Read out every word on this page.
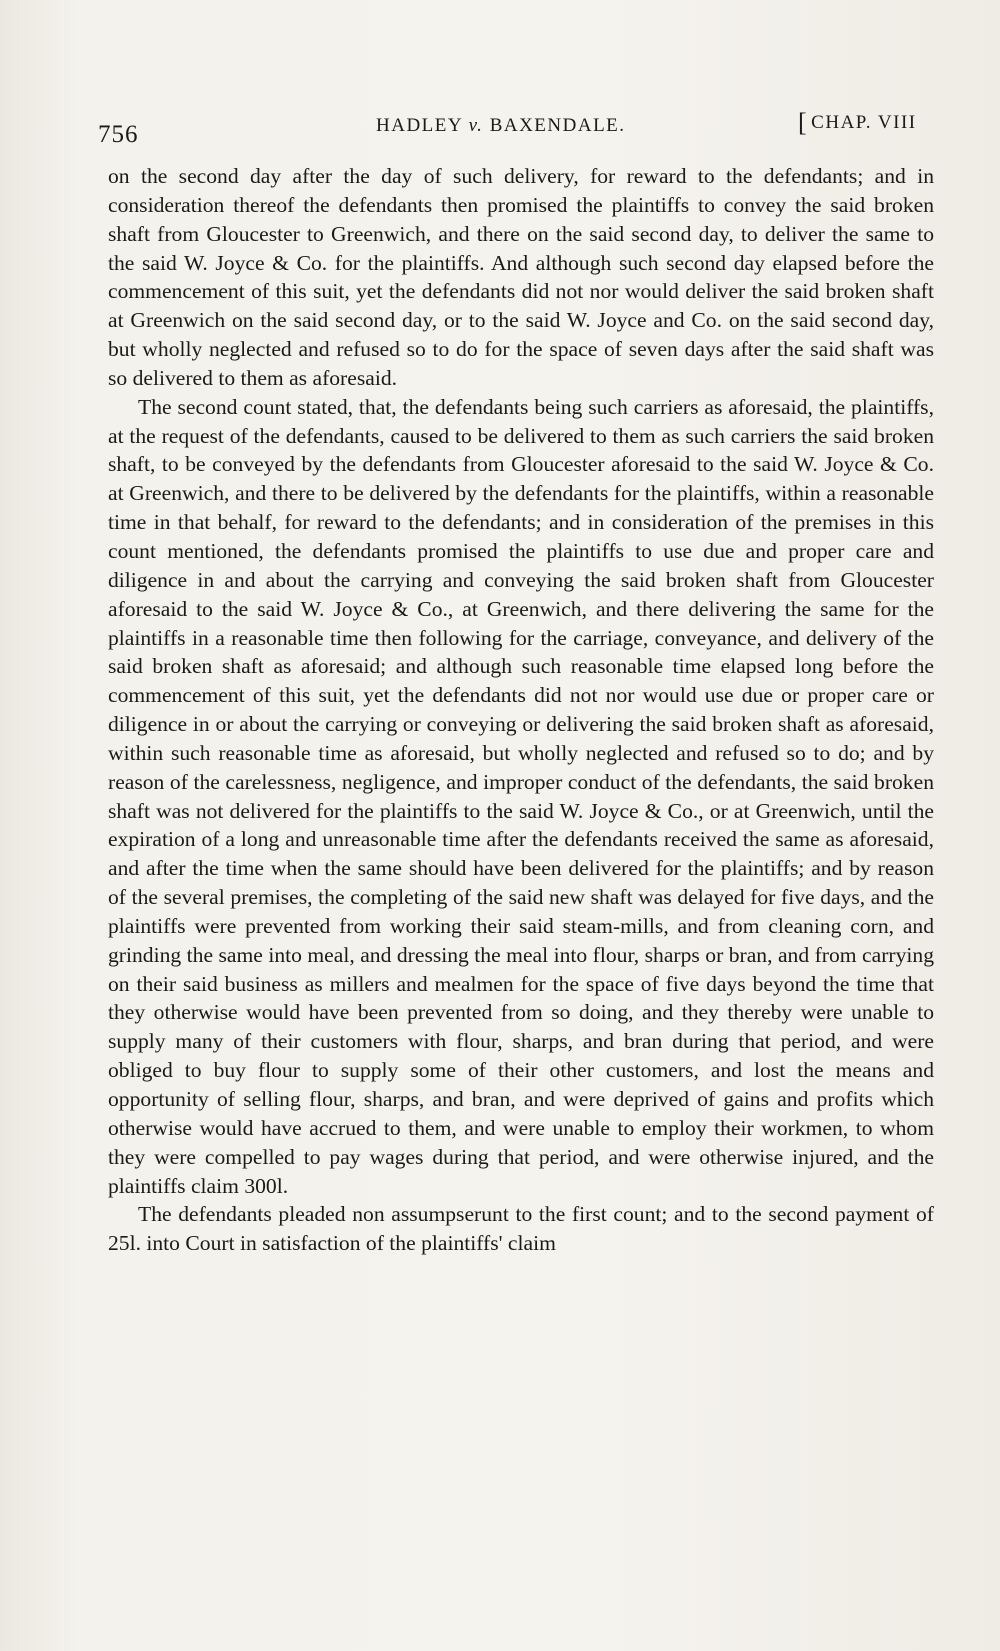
756	HADLEY v. BAXENDALE.	[ CHAP. VIII

on the second day after the day of such delivery, for reward to the defendants; and in consideration thereof the defendants then promised the plaintiffs to convey the said broken shaft from Gloucester to Greenwich, and there on the said second day, to deliver the same to the said W. Joyce & Co. for the plaintiffs. And although such second day elapsed before the commencement of this suit, yet the defendants did not nor would deliver the said broken shaft at Greenwich on the said second day, or to the said W. Joyce and Co. on the said second day, but wholly neglected and refused so to do for the space of seven days after the said shaft was so delivered to them as aforesaid.

The second count stated, that, the defendants being such carriers as aforesaid, the plaintiffs, at the request of the defendants, caused to be delivered to them as such carriers the said broken shaft, to be conveyed by the defendants from Gloucester aforesaid to the said W. Joyce & Co. at Greenwich, and there to be delivered by the defendants for the plaintiffs, within a reasonable time in that behalf, for reward to the defendants; and in consideration of the premises in this count mentioned, the defendants promised the plaintiffs to use due and proper care and diligence in and about the carrying and conveying the said broken shaft from Gloucester aforesaid to the said W. Joyce & Co., at Greenwich, and there delivering the same for the plaintiffs in a reasonable time then following for the carriage, conveyance, and delivery of the said broken shaft as aforesaid; and although such reasonable time elapsed long before the commencement of this suit, yet the defendants did not nor would use due or proper care or diligence in or about the carrying or conveying or delivering the said broken shaft as aforesaid, within such reasonable time as aforesaid, but wholly neglected and refused so to do; and by reason of the carelessness, negligence, and improper conduct of the defendants, the said broken shaft was not delivered for the plaintiffs to the said W. Joyce & Co., or at Greenwich, until the expiration of a long and unreasonable time after the defendants received the same as aforesaid, and after the time when the same should have been delivered for the plaintiffs; and by reason of the several premises, the completing of the said new shaft was delayed for five days, and the plaintiffs were prevented from working their said steam-mills, and from cleaning corn, and grinding the same into meal, and dressing the meal into flour, sharps or bran, and from carrying on their said business as millers and mealmen for the space of five days beyond the time that they otherwise would have been prevented from so doing, and they thereby were unable to supply many of their customers with flour, sharps, and bran during that period, and were obliged to buy flour to supply some of their other customers, and lost the means and opportunity of selling flour, sharps, and bran, and were deprived of gains and profits which otherwise would have accrued to them, and were unable to employ their workmen, to whom they were compelled to pay wages during that period, and were otherwise injured, and the plaintiffs claim 300l.

The defendants pleaded non assumpserunt to the first count; and to the second payment of 25l. into Court in satisfaction of the plaintiffs' claim
